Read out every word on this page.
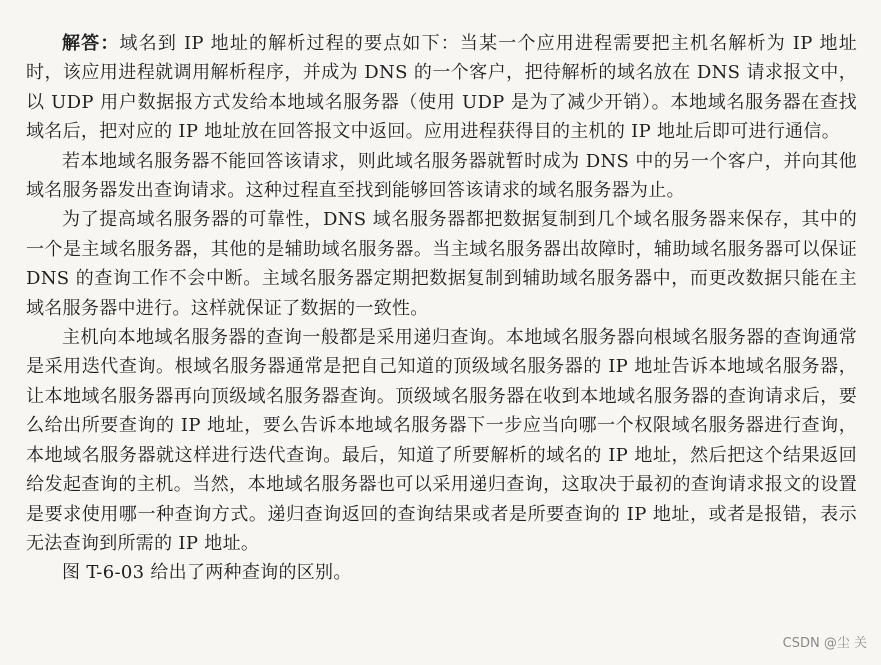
解答：域名到 IP 地址的解析过程的要点如下：当某一个应用进程需要把主机名解析为 IP 地址时，该应用进程就调用解析程序，并成为 DNS 的一个客户，把待解析的域名放在 DNS 请求报文中，以 UDP 用户数据报方式发给本地域名服务器（使用 UDP 是为了减少开销）。本地域名服务器在查找域名后，把对应的 IP 地址放在回答报文中返回。应用进程获得目的主机的 IP 地址后即可进行通信。

若本地域名服务器不能回答该请求，则此域名服务器就暂时成为 DNS 中的另一个客户，并向其他域名服务器发出查询请求。这种过程直至找到能够回答该请求的域名服务器为止。

为了提高域名服务器的可靠性，DNS 域名服务器都把数据复制到几个域名服务器来保存，其中的一个是主域名服务器，其他的是辅助域名服务器。当主域名服务器出故障时，辅助域名服务器可以保证 DNS 的查询工作不会中断。主域名服务器定期把数据复制到辅助域名服务器中，而更改数据只能在主域名服务器中进行。这样就保证了数据的一致性。

主机向本地域名服务器的查询一般都是采用递归查询。本地域名服务器向根域名服务器的查询通常是采用迭代查询。根域名服务器通常是把自己知道的顶级域名服务器的 IP 地址告诉本地域名服务器，让本地域名服务器再向顶级域名服务器查询。顶级域名服务器在收到本地域名服务器的查询请求后，要么给出所要查询的 IP 地址，要么告诉本地域名服务器下一步应当向哪一个权限域名服务器进行查询，本地域名服务器就这样进行迭代查询。最后，知道了所要解析的域名的 IP 地址，然后把这个结果返回给发起查询的主机。当然，本地域名服务器也可以采用递归查询，这取决于最初的查询请求报文的设置是要求使用哪一种查询方式。递归查询返回的查询结果或者是所要查询的 IP 地址，或者是报错，表示无法查询到所需的 IP 地址。

图 T-6-03 给出了两种查询的区别。

CSDN @尘 关
